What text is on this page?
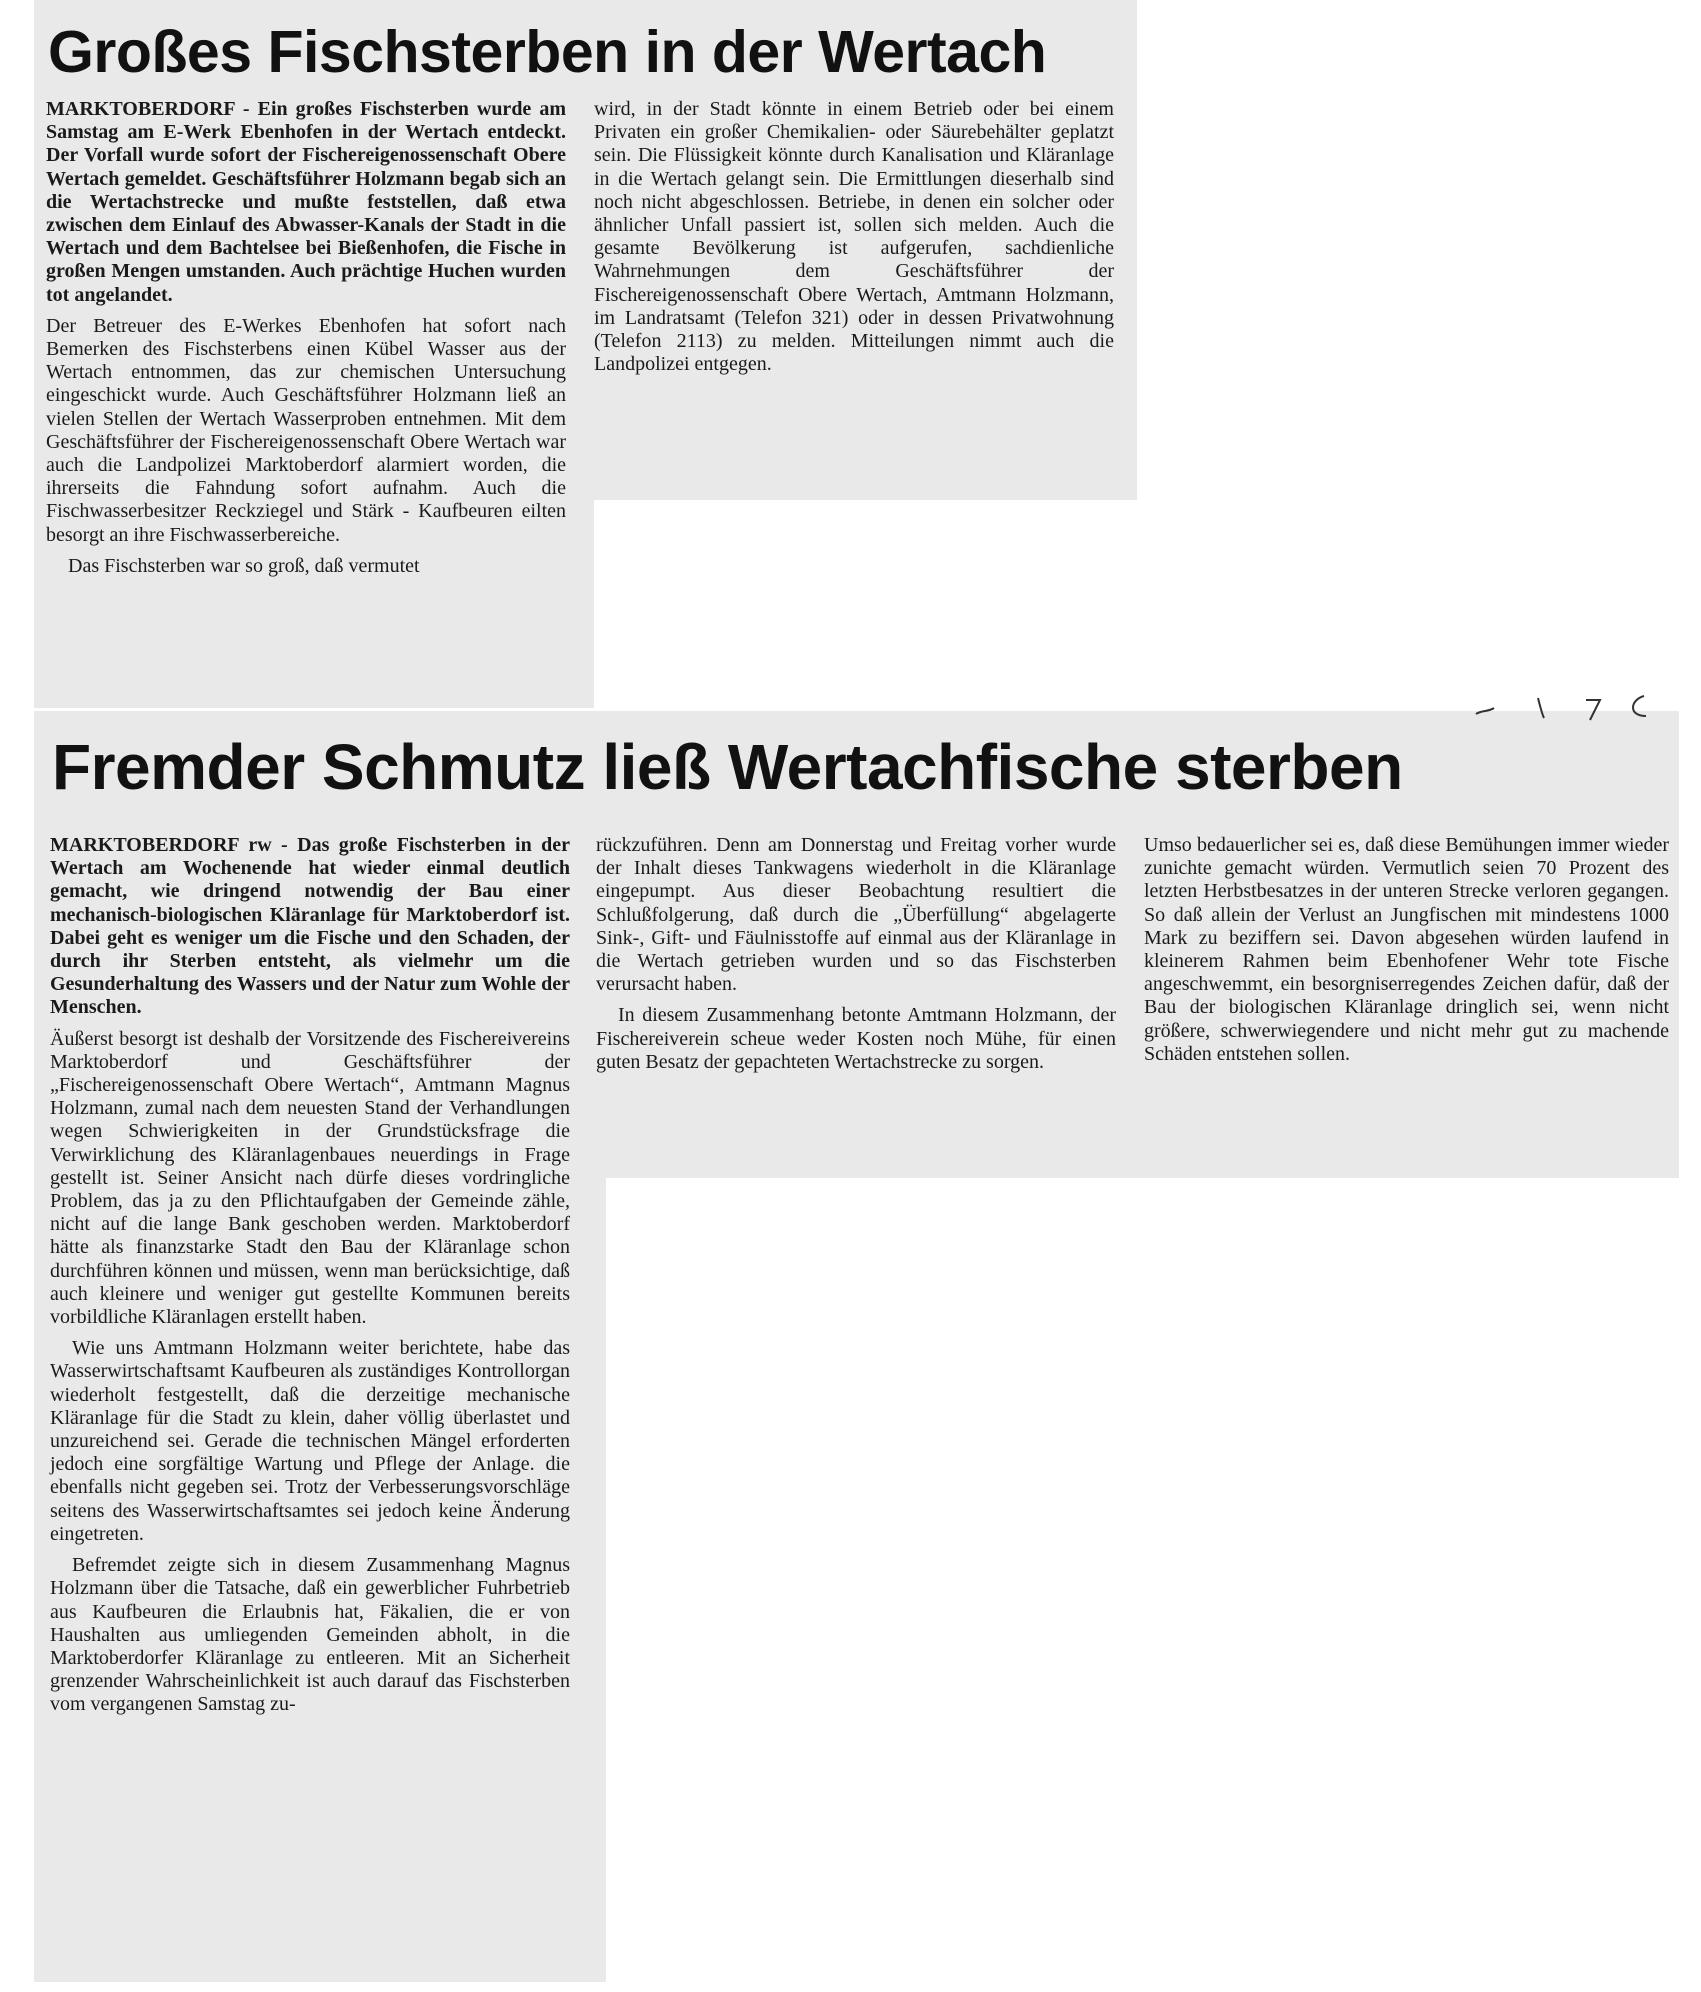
Großes Fischsterben in der Wertach

MARKTOBERDORF - Ein großes Fischsterben wurde am Samstag am E-Werk Ebenhofen in der Wertach entdeckt. Der Vorfall wurde sofort der Fischereigenossenschaft Obere Wertach gemeldet. Geschäftsführer Holzmann begab sich an die Wertachstrecke und mußte feststellen, daß etwa zwischen dem Einlauf des Abwasser-Kanals der Stadt in die Wertach und dem Bachtelsee bei Bießenhofen, die Fische in großen Mengen umstanden. Auch prächtige Huchen wurden tot angelandet.

Der Betreuer des E-Werkes Ebenhofen hat sofort nach Bemerken des Fischsterbens einen Kübel Wasser aus der Wertach entnommen, das zur chemischen Untersuchung eingeschickt wurde. Auch Geschäftsführer Holzmann ließ an vielen Stellen der Wertach Wasserproben entnehmen. Mit dem Geschäftsführer der Fischereigenossenschaft Obere Wertach war auch die Landpolizei Marktoberdorf alarmiert worden, die ihrerseits die Fahndung sofort aufnahm. Auch die Fischwasserbesitzer Reckziegel und Stärk - Kaufbeuren eilten besorgt an ihre Fischwasserbereiche.

Das Fischsterben war so groß, daß vermutet

wird, in der Stadt könnte in einem Betrieb oder bei einem Privaten ein großer Chemikalien- oder Säurebehälter geplatzt sein. Die Flüssigkeit könnte durch Kanalisation und Kläranlage in die Wertach gelangt sein. Die Ermittlungen dieserhalb sind noch nicht abgeschlossen. Betriebe, in denen ein solcher oder ähnlicher Unfall passiert ist, sollen sich melden. Auch die gesamte Bevölkerung ist aufgerufen, sachdienliche Wahrnehmungen dem Geschäftsführer der Fischereigenossenschaft Obere Wertach, Amtmann Holzmann, im Landratsamt (Telefon 321) oder in dessen Privatwohnung (Telefon 2113) zu melden. Mitteilungen nimmt auch die Landpolizei entgegen.

Fremder Schmutz ließ Wertachfische sterben

MARKTOBERDORF rw - Das große Fischsterben in der Wertach am Wochenende hat wieder einmal deutlich gemacht, wie dringend notwendig der Bau einer mechanisch-biologischen Kläranlage für Marktoberdorf ist. Dabei geht es weniger um die Fische und den Schaden, der durch ihr Sterben entsteht, als vielmehr um die Gesunderhaltung des Wassers und der Natur zum Wohle der Menschen.

Äußerst besorgt ist deshalb der Vorsitzende des Fischereivereins Marktoberdorf und Geschäftsführer der „Fischereigenossenschaft Obere Wertach“, Amtmann Magnus Holzmann, zumal nach dem neuesten Stand der Verhandlungen wegen Schwierigkeiten in der Grundstücksfrage die Verwirklichung des Kläranlagenbaues neuerdings in Frage gestellt ist. Seiner Ansicht nach dürfe dieses vordringliche Problem, das ja zu den Pflichtaufgaben der Gemeinde zähle, nicht auf die lange Bank geschoben werden. Marktoberdorf hätte als finanzstarke Stadt den Bau der Kläranlage schon durchführen können und müssen, wenn man berücksichtige, daß auch kleinere und weniger gut gestellte Kommunen bereits vorbildliche Kläranlagen erstellt haben.

Wie uns Amtmann Holzmann weiter berichtete, habe das Wasserwirtschaftsamt Kaufbeuren als zuständiges Kontrollorgan wiederholt festgestellt, daß die derzeitige mechanische Kläranlage für die Stadt zu klein, daher völlig überlastet und unzureichend sei. Gerade die technischen Mängel erforderten jedoch eine sorgfältige Wartung und Pflege der Anlage. die ebenfalls nicht gegeben sei. Trotz der Verbesserungsvorschläge seitens des Wasserwirtschaftsamtes sei jedoch keine Änderung eingetreten.

Befremdet zeigte sich in diesem Zusammenhang Magnus Holzmann über die Tatsache, daß ein gewerblicher Fuhrbetrieb aus Kaufbeuren die Erlaubnis hat, Fäkalien, die er von Haushalten aus umliegenden Gemeinden abholt, in die Marktoberdorfer Kläranlage zu entleeren. Mit an Sicherheit grenzender Wahrscheinlichkeit ist auch darauf das Fischsterben vom vergangenen Samstag zu-

rückzuführen. Denn am Donnerstag und Freitag vorher wurde der Inhalt dieses Tankwagens wiederholt in die Kläranlage eingepumpt. Aus dieser Beobachtung resultiert die Schlußfolgerung, daß durch die „Überfüllung“ abgelagerte Sink-, Gift- und Fäulnisstoffe auf einmal aus der Kläranlage in die Wertach getrieben wurden und so das Fischsterben verursacht haben.

In diesem Zusammenhang betonte Amtmann Holzmann, der Fischereiverein scheue weder Kosten noch Mühe, für einen guten Besatz der gepachteten Wertachstrecke zu sorgen.

Umso bedauerlicher sei es, daß diese Bemühungen immer wieder zunichte gemacht würden. Vermutlich seien 70 Prozent des letzten Herbstbesatzes in der unteren Strecke verloren gegangen. So daß allein der Verlust an Jungfischen mit mindestens 1000 Mark zu beziffern sei. Davon abgesehen würden laufend in kleinerem Rahmen beim Ebenhofener Wehr tote Fische angeschwemmt, ein besorgniserregendes Zeichen dafür, daß der Bau der biologischen Kläranlage dringlich sei, wenn nicht größere, schwerwiegendere und nicht mehr gut zu machende Schäden entstehen sollen.
